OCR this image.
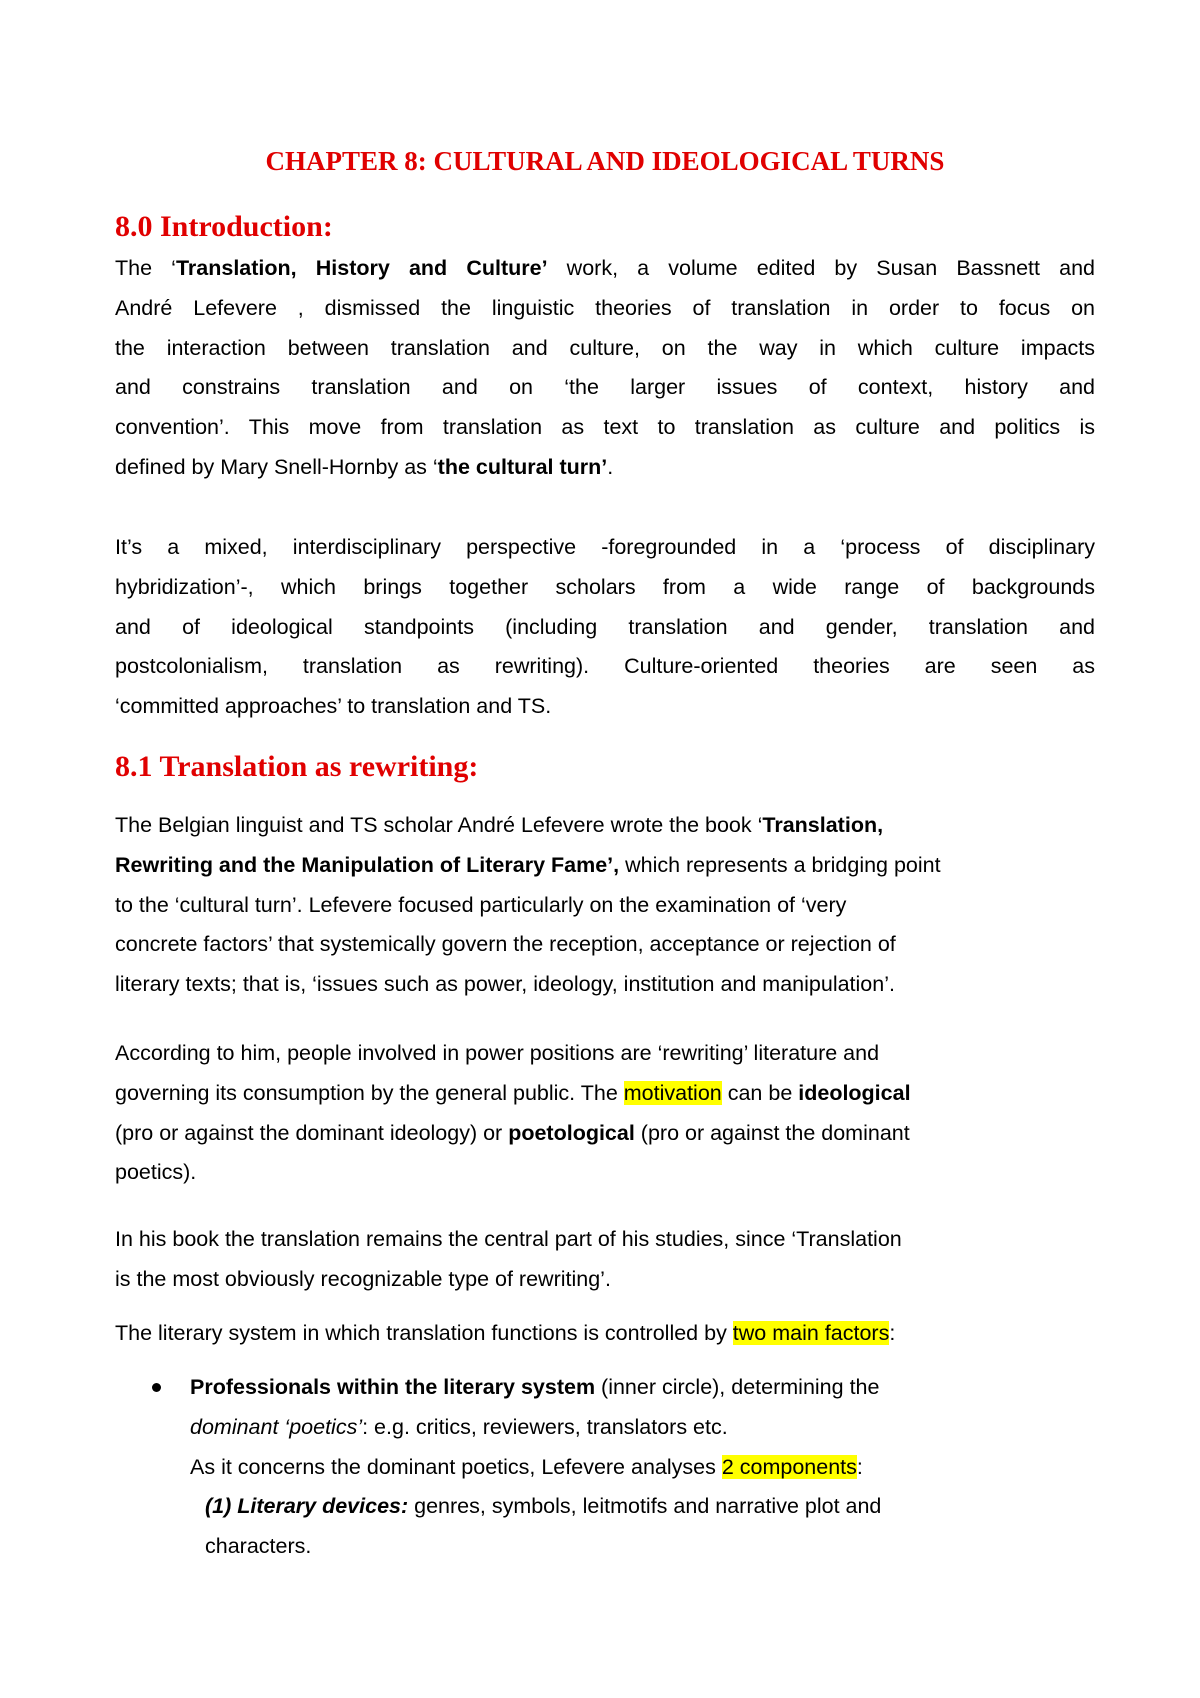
CHAPTER 8: CULTURAL AND IDEOLOGICAL TURNS
8.0 Introduction:

The ‘Translation, History and Culture’ work, a volume edited by Susan Bassnett and
André Lefevere , dismissed the linguistic theories of translation in order to focus on
the interaction between translation and culture, on the way in which culture impacts
and constrains translation and on ‘the larger issues of context, history and
convention’. This move from translation as text to translation as culture and politics is
defined by Mary Snell-Hornby as ‘the cultural turn’.

It’s a mixed, interdisciplinary perspective -foregrounded in a ‘process of disciplinary
hybridization’-, which brings together scholars from a wide range of backgrounds
and of ideological standpoints (including translation and gender, translation and
postcolonialism, translation as rewriting). Culture-oriented theories are seen as
‘committed approaches’ to translation and TS.

8.1 Translation as rewriting:

The Belgian linguist and TS scholar André Lefevere wrote the book ‘Translation,
Rewriting and the Manipulation of Literary Fame’, which represents a bridging point
to the ‘cultural turn’. Lefevere focused particularly on the examination of ‘very
concrete factors’ that systemically govern the reception, acceptance or rejection of
literary texts; that is, ‘issues such as power, ideology, institution and manipulation’.

According to him, people involved in power positions are ‘rewriting’ literature and
governing its consumption by the general public. The motivation can be ideological
(pro or against the dominant ideology) or poetological (pro or against the dominant
poetics).

In his book the translation remains the central part of his studies, since ‘Translation
is the most obviously recognizable type of rewriting’.

The literary system in which translation functions is controlled by two main factors:

Professionals within the literary system (inner circle), determining the
dominant ‘poetics’: e.g. critics, reviewers, translators etc.
As it concerns the dominant poetics, Lefevere analyses 2 components:
(1) Literary devices: genres, symbols, leitmotifs and narrative plot and
characters.
